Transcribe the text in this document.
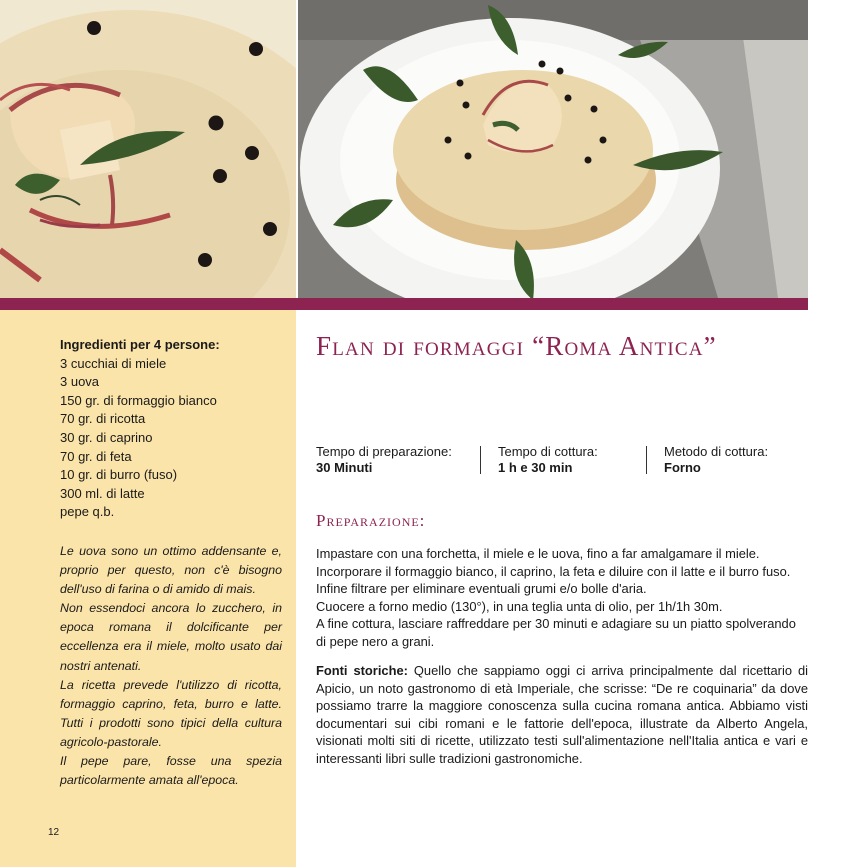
Ingredienti per 4 persone:
3 cucchiai di miele
3 uova
150 gr. di formaggio bianco
70 gr. di ricotta
30 gr. di caprino
70 gr. di feta
10 gr. di burro (fuso)
300 ml. di latte
pepe q.b.

Le uova sono un ottimo addensante e, proprio per questo, non c'è bisogno dell'uso di farina o di amido di mais.

Non essendoci ancora lo zucchero, in epoca romana il dolcificante per eccellenza era il miele, molto usato dai nostri antenati.

La ricetta prevede l'utilizzo di ricotta, formaggio caprino, feta, burro e latte. Tutti i prodotti sono tipici della cultura agricolo-pastorale.

Il pepe pare, fosse una spezia particolarmente amata all'epoca.

12
Flan di formaggi “Roma Antica”
Tempo di preparazione:
30 Minuti
Tempo di cottura:
1 h e 30 min
Metodo di cottura:
Forno
Preparazione:

Impastare con una forchetta, il miele e le uova, fino a far amalgamare il miele. Incorporare il formaggio bianco, il caprino, la feta e diluire con il latte e il burro fuso. Infine filtrare per eliminare eventuali grumi e/o bolle d'aria.

Cuocere a forno medio (130°), in una teglia unta di olio, per 1h/1h 30m.

A fine cottura, lasciare raffreddare per 30 minuti e adagiare su un piatto spolverando di pepe nero a grani.

Fonti storiche: Quello che sappiamo oggi ci arriva principalmente dal ricettario di Apicio, un noto gastronomo di età Imperiale, che scrisse: “De re coquinaria” da dove possiamo trarre la maggiore conoscenza sulla cucina romana antica. Abbiamo visti documentari sui cibi romani e le fattorie dell'epoca, illustrate da Alberto Angela, visionati molti siti di ricette, utilizzato testi sull'alimentazione nell'Italia antica e vari e interessanti libri sulle tradizioni gastronomiche.
